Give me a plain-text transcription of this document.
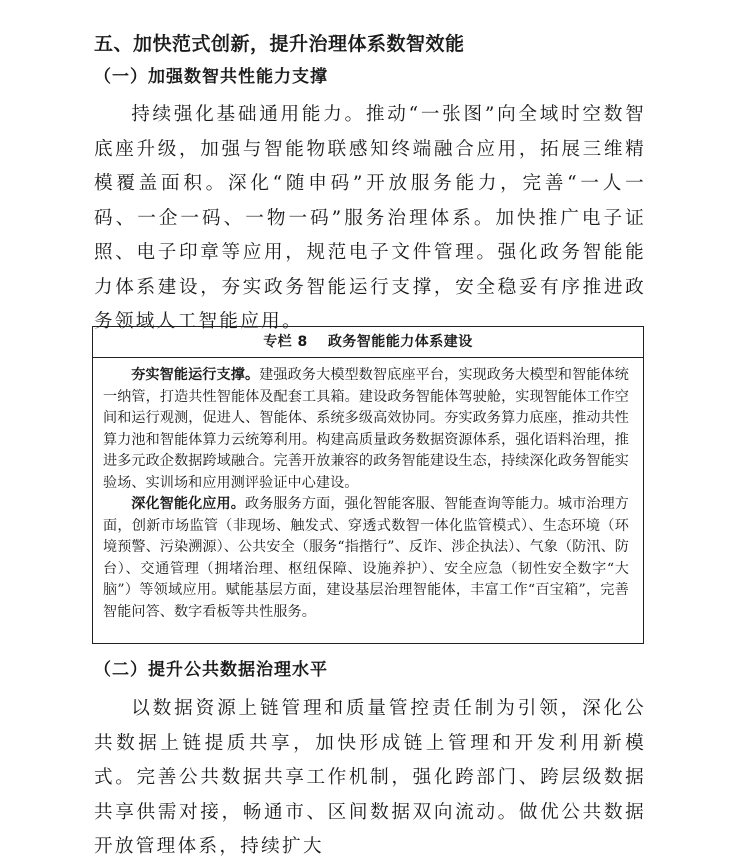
五、加快范式创新，提升治理体系数智效能
（一）加强数智共性能力支撑

持续强化基础通用能力。推动“一张图”向全域时空数智底座升级，加强与智能物联感知终端融合应用，拓展三维精模覆盖面积。深化“随申码”开放服务能力，完善“一人一码、一企一码、一物一码”服务治理体系。加快推广电子证照、电子印章等应用，规范电子文件管理。强化政务智能能力体系建设，夯实政务智能运行支撑，安全稳妥有序推进政务领域人工智能应用。

专栏 8 政务智能能力体系建设

夯实智能运行支撑。建强政务大模型数智底座平台，实现政务大模型和智能体统一纳管，打造共性智能体及配套工具箱。建设政务智能体驾驶舱，实现智能体工作空间和运行观测，促进人、智能体、系统多级高效协同。夯实政务算力底座，推动共性算力池和智能体算力云统筹利用。构建高质量政务数据资源体系，强化语料治理，推进多元政企数据跨域融合。完善开放兼容的政务智能建设生态，持续深化政务智能实验场、实训场和应用测评验证中心建设。

深化智能化应用。政务服务方面，强化智能客服、智能查询等能力。城市治理方面，创新市场监管（非现场、触发式、穿透式数智一体化监管模式）、生态环境（环境预警、污染溯源）、公共安全（服务“指揩行”、反诈、涉企执法）、气象（防汛、防台）、交通管理（拥堵治理、枢纽保障、设施养护）、安全应急（韧性安全数字“大脑”）等领域应用。赋能基层方面，建设基层治理智能体，丰富工作“百宝箱”，完善智能问答、数字看板等共性服务。

（二）提升公共数据治理水平

以数据资源上链管理和质量管控责任制为引领，深化公共数据上链提质共享，加快形成链上管理和开发利用新模式。完善公共数据共享工作机制，强化跨部门、跨层级数据共享供需对接，畅通市、区间数据双向流动。做优公共数据开放管理体系，持续扩大
